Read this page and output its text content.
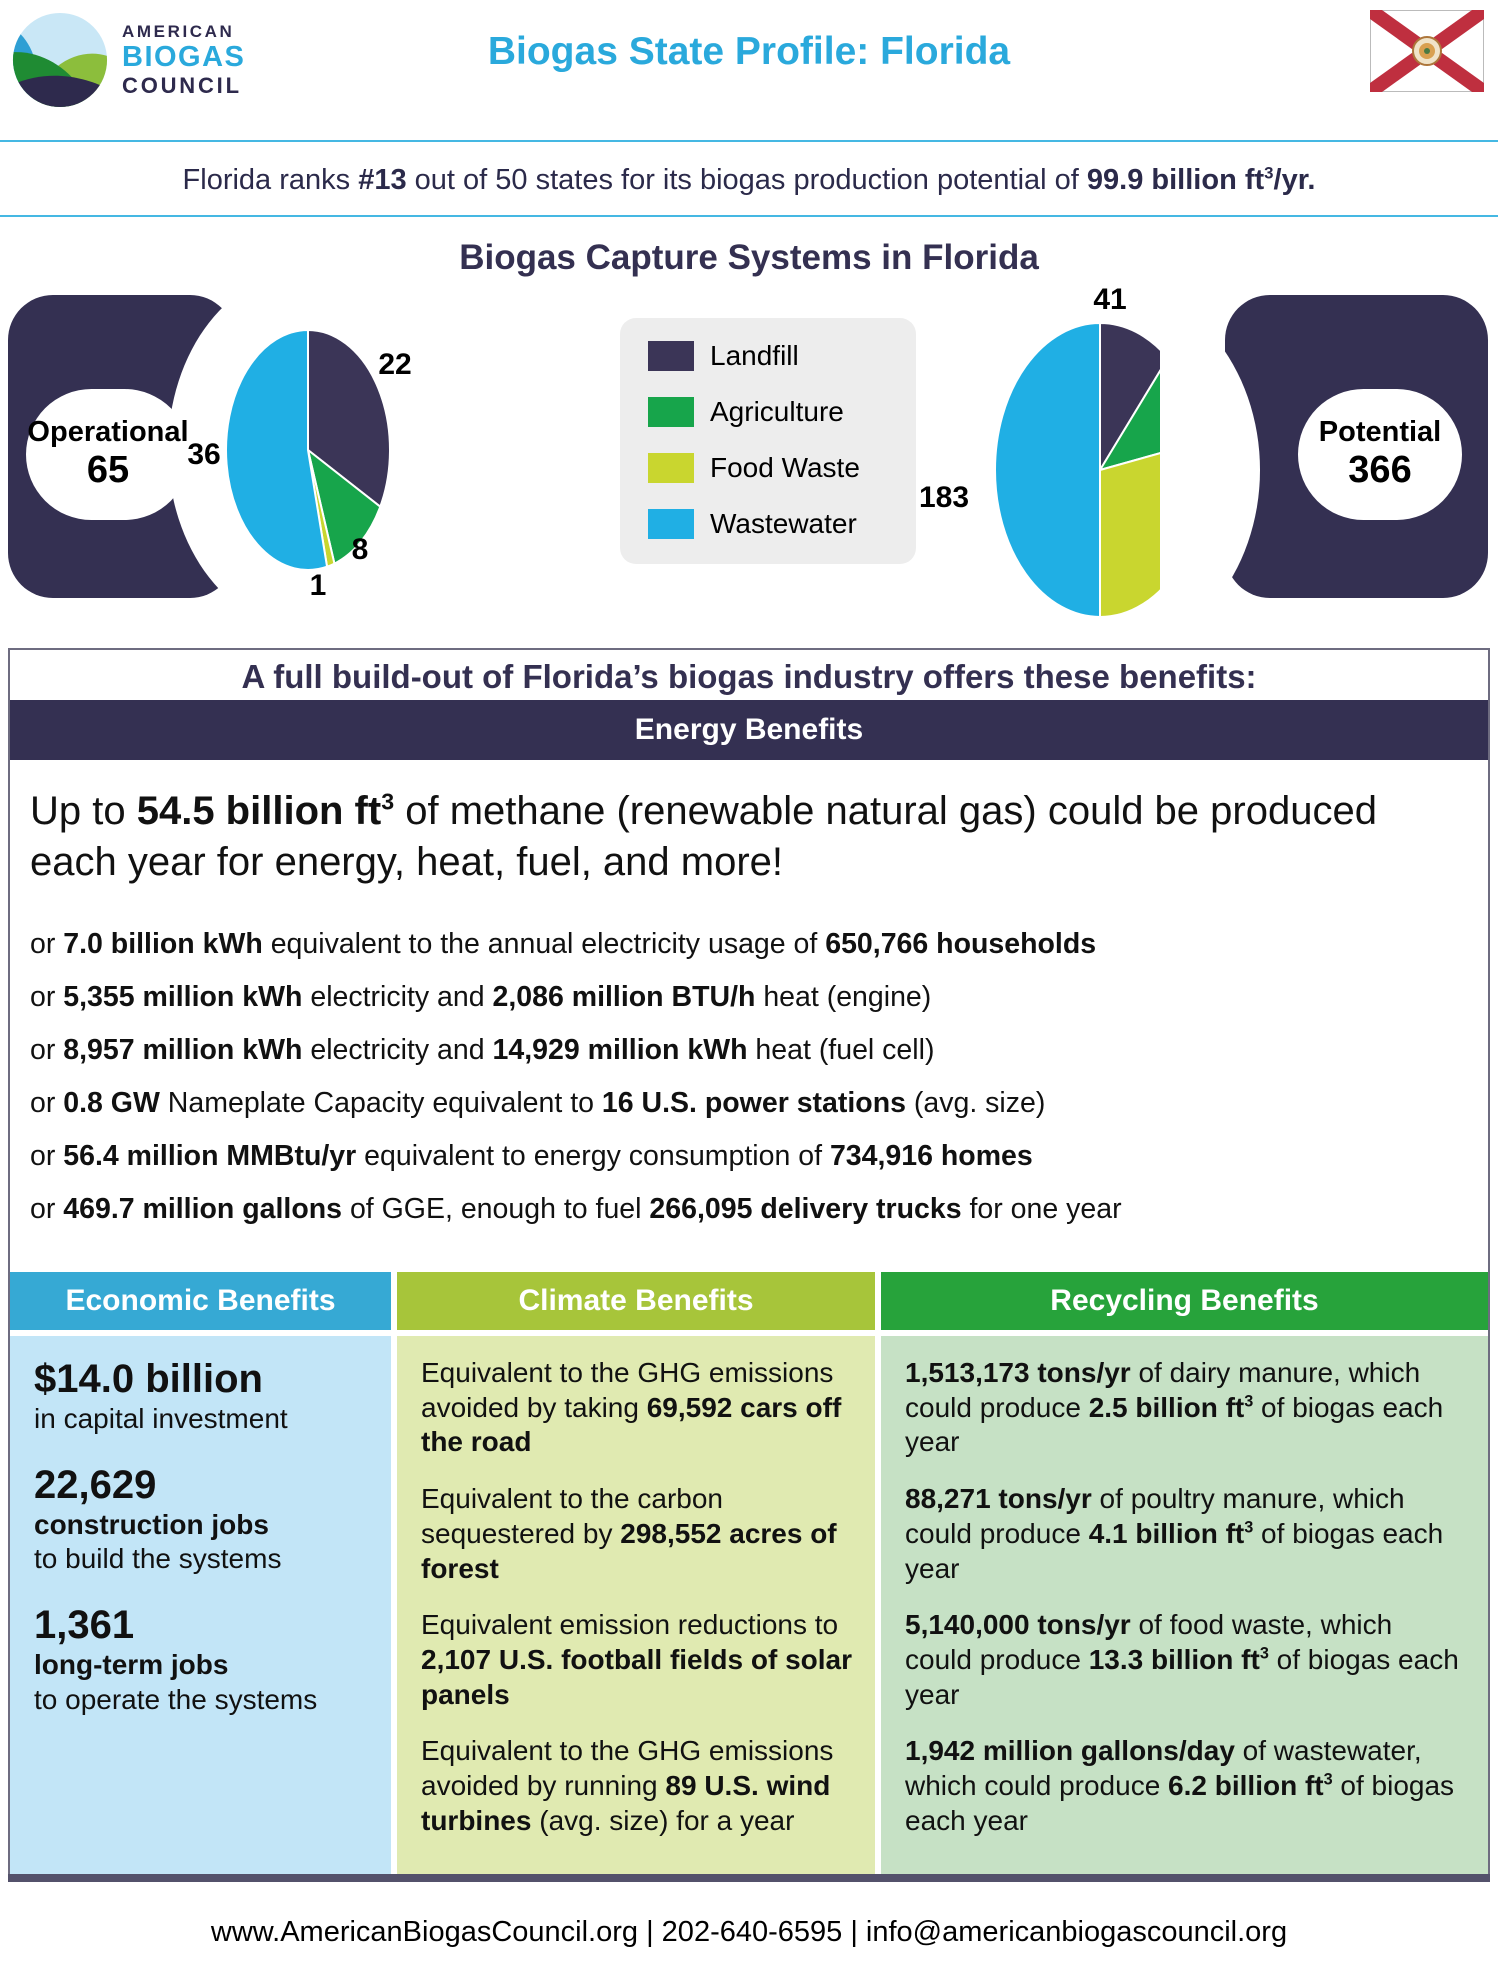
AMERICAN
BIOGAS
COUNCIL
Biogas State Profile: Florida
Florida ranks #13 out of 50 states for its biogas production potential of 99.9 billion $ft^3/yr$.
Biogas Capture Systems in Florida
Operational
65
22
8
1
36
Landfill
Agriculture
Food Waste
Wastewater
41
183
Potential
366
A full build-out of Florida’s biogas industry offers these benefits:
Energy Benefits
Up to 54.5 billion $ft^3$ of methane (renewable natural gas) could be produced each year for energy, heat, fuel, and more!
or 7.0 billion kWh equivalent to the annual electricity usage of 650,766 households
or 5,355 million kWh electricity and 2,086 million BTU/h heat (engine)
or 8,957 million kWh electricity and 14,929 million kWh heat (fuel cell)
or 0.8 GW Nameplate Capacity equivalent to 16 U.S. power stations (avg. size)
or 56.4 million MMBtu/yr equivalent to energy consumption of 734,916 homes
or 469.7 million gallons of GGE, enough to fuel 266,095 delivery trucks for one year
Economic Benefits	Climate Benefits	Recycling Benefits
$14.0 billion
in capital investment
22,629
construction jobs
to build the systems
1,361
long-term jobs
to operate the systems
Equivalent to the GHG emissions avoided by taking 69,592 cars off the road
Equivalent to the carbon sequestered by 298,552 acres of forest
Equivalent emission reductions to 2,107 U.S. football fields of solar panels
Equivalent to the GHG emissions avoided by running 89 U.S. wind turbines (avg. size) for a year
1,513,173 tons/yr of dairy manure, which could produce 2.5 billion $ft^3$ of biogas each year
88,271 tons/yr of poultry manure, which could produce 4.1 billion $ft^3$ of biogas each year
5,140,000 tons/yr of food waste, which could produce 13.3 billion $ft^3$ of biogas each year
1,942 million gallons/day of wastewater, which could produce 6.2 billion $ft^3$ of biogas each year
www.AmericanBiogasCouncil.org | 202-640-6595 | info@americanbiogascouncil.org
